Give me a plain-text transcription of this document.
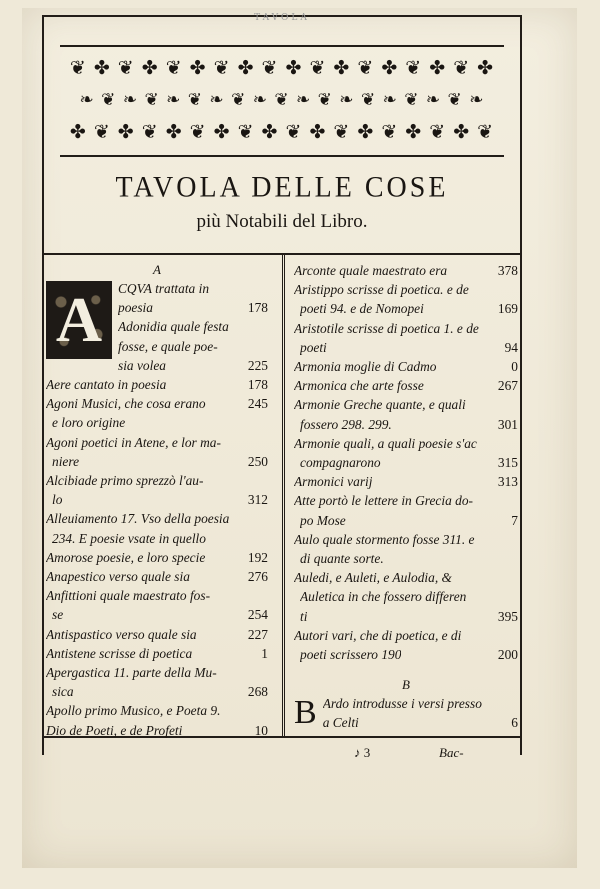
TAVOLA
❦ ✤ ❦ ✤ ❦ ✤ ❦ ✤ ❦ ✤ ❦ ✤ ❦ ✤ ❦ ✤ ❦ ✤
❧ ❦ ❧ ❦ ❧ ❦ ❧ ❦ ❧ ❦ ❧ ❦ ❧ ❦ ❧ ❦ ❧ ❦ ❧
✤ ❦ ✤ ❦ ✤ ❦ ✤ ❦ ✤ ❦ ✤ ❦ ✤ ❦ ✤ ❦ ✤ ❦
TAVOLA DELLE COSE
più Notabili del Libro.
A
A CQVA trattata in
poesia	178
Adonidia quale festa
fosse, e quale poe-
sia volea	225
Aere cantato in poesia	178
Agoni Musici, che cosa erano	245
e loro origine
Agoni poetici in Atene, e lor ma-
niere	250
Alcibiade primo sprezzò l'au-
lo	312
Alleuiamento 17. Vso della poesia
234. E poesie vsate in quello
Amorose poesie, e loro specie	192
Anapestico verso quale sia	276
Anfittioni quale maestrato fos-
se	254
Antispastico verso quale sia	227
Antistene scrisse di poetica	1
Apergastica 11. parte della Mu-
sica	268
Apollo primo Musico, e Poeta 9.
Dio de Poeti, e de Profeti	10
Arconte quale maestrato era	378
Aristippo scrisse di poetica. e de
poeti 94. e de Nomopei	169
Aristotile scrisse di poetica 1. e de
poeti	94
Armonia moglie di Cadmo	0
Armonica che arte fosse	267
Armonie Greche quante, e quali
fossero 298. 299.	301
Armonie quali, a quali poesie s'ac
compagnarono	315
Armonici varij	313
Atte portò le lettere in Grecia do-
po Mose	7
Aulo quale stormento fosse 311. e
di quante sorte.
Auledi, e Auleti, e Aulodia, &
Auletica in che fossero differen
ti	395
Autori vari, che di poetica, e di
poeti scrissero 190	200
B
B Ardo introdusse i versi presso
a Celti	6
♪ 3	Bac-
